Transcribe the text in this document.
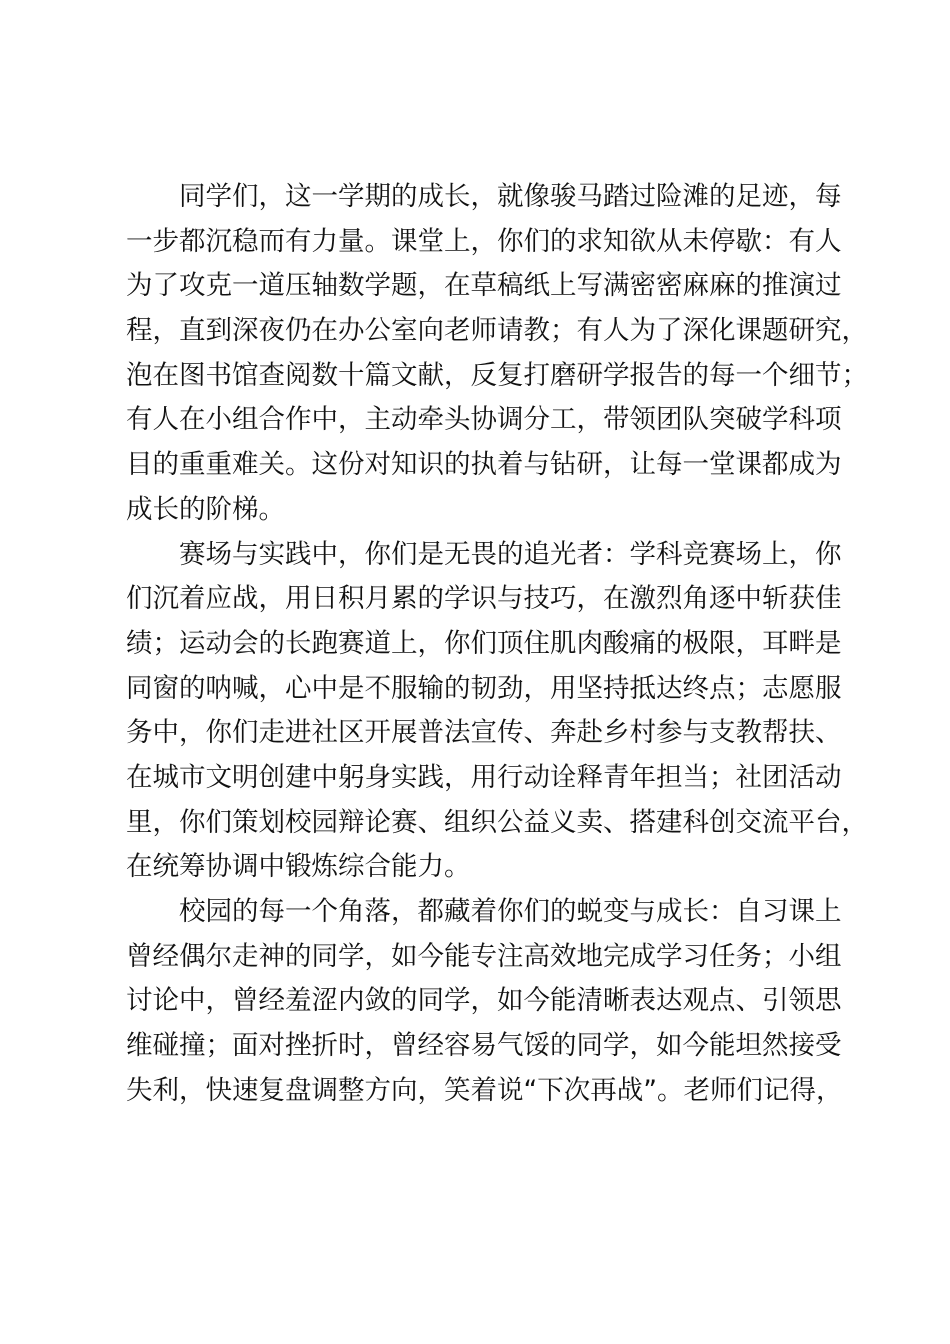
　　同学们，这一学期的成长，就像骏马踏过险滩的足迹，每
一步都沉稳而有力量。课堂上，你们的求知欲从未停歇：有人
为了攻克一道压轴数学题，在草稿纸上写满密密麻麻的推演过
程，直到深夜仍在办公室向老师请教；有人为了深化课题研究，
泡在图书馆查阅数十篇文献，反复打磨研学报告的每一个细节；
有人在小组合作中，主动牵头协调分工，带领团队突破学科项
目的重重难关。这份对知识的执着与钻研，让每一堂课都成为
成长的阶梯。
　　赛场与实践中，你们是无畏的追光者：学科竞赛场上，你
们沉着应战，用日积月累的学识与技巧，在激烈角逐中斩获佳
绩；运动会的长跑赛道上，你们顶住肌肉酸痛的极限，耳畔是
同窗的呐喊，心中是不服输的韧劲，用坚持抵达终点；志愿服
务中，你们走进社区开展普法宣传、奔赴乡村参与支教帮扶、
在城市文明创建中躬身实践，用行动诠释青年担当；社团活动
里，你们策划校园辩论赛、组织公益义卖、搭建科创交流平台，
在统筹协调中锻炼综合能力。
　　校园的每一个角落，都藏着你们的蜕变与成长：自习课上
曾经偶尔走神的同学，如今能专注高效地完成学习任务；小组
讨论中，曾经羞涩内敛的同学，如今能清晰表达观点、引领思
维碰撞；面对挫折时，曾经容易气馁的同学，如今能坦然接受
失利，快速复盘调整方向，笑着说“下次再战”。老师们记得，
